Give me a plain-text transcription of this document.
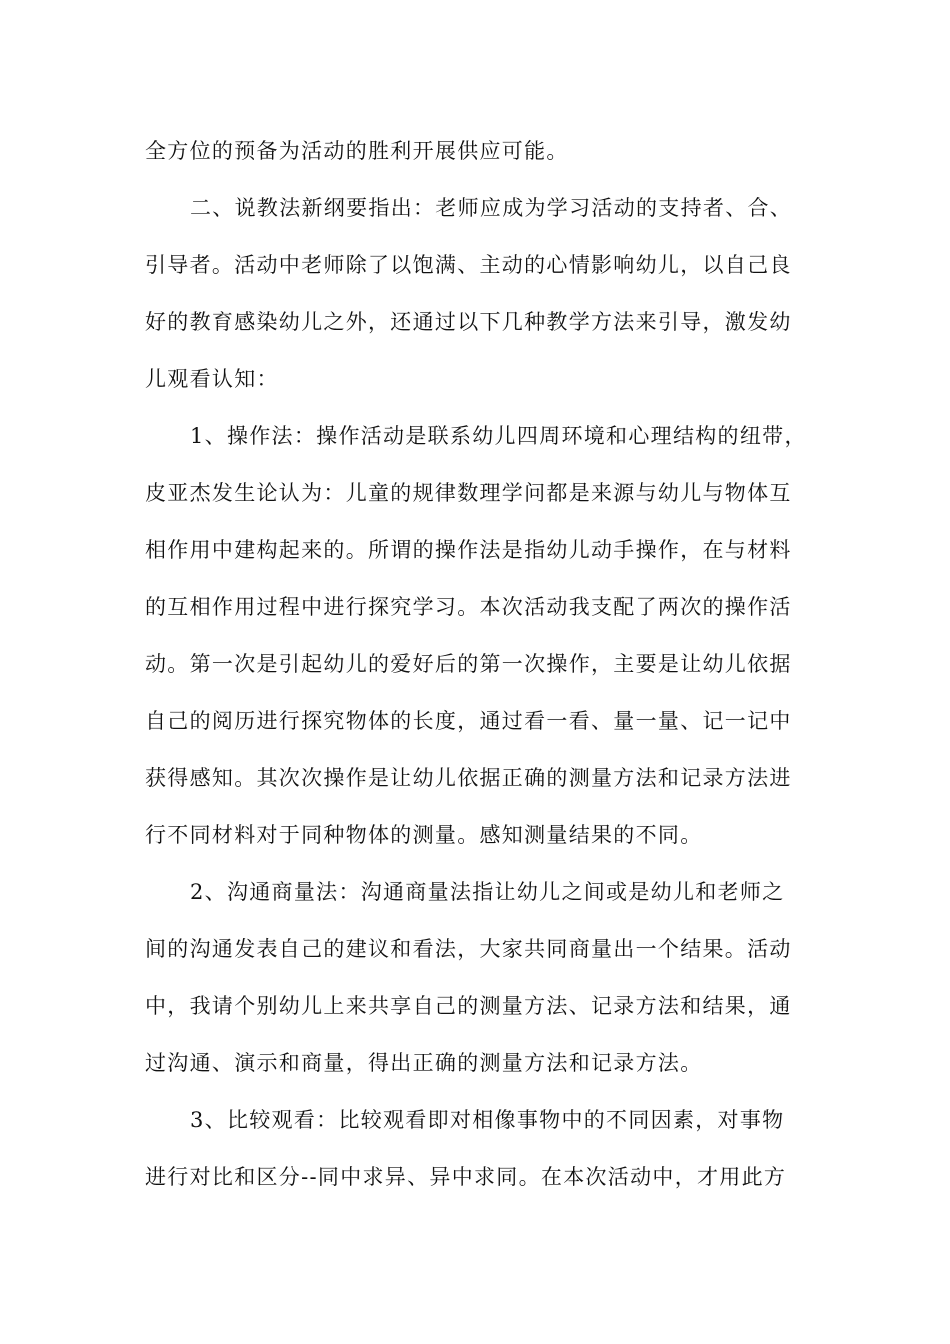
全方位的预备为活动的胜利开展供应可能。
二、说教法新纲要指出：老师应成为学习活动的支持者、合、
引导者。活动中老师除了以饱满、主动的心情影响幼儿，以自己良
好的教育感染幼儿之外，还通过以下几种教学方法来引导，激发幼
儿观看认知：
1、操作法：操作活动是联系幼儿四周环境和心理结构的纽带，
皮亚杰发生论认为：儿童的规律数理学问都是来源与幼儿与物体互
相作用中建构起来的。所谓的操作法是指幼儿动手操作，在与材料
的互相作用过程中进行探究学习。本次活动我支配了两次的操作活
动。第一次是引起幼儿的爱好后的第一次操作，主要是让幼儿依据
自己的阅历进行探究物体的长度，通过看一看、量一量、记一记中
获得感知。其次次操作是让幼儿依据正确的测量方法和记录方法进
行不同材料对于同种物体的测量。感知测量结果的不同。
2、沟通商量法：沟通商量法指让幼儿之间或是幼儿和老师之
间的沟通发表自己的建议和看法，大家共同商量出一个结果。活动
中，我请个别幼儿上来共享自己的测量方法、记录方法和结果，通
过沟通、演示和商量，得出正确的测量方法和记录方法。
3、比较观看：比较观看即对相像事物中的不同因素，对事物
进行对比和区分--同中求异、异中求同。在本次活动中，才用此方
